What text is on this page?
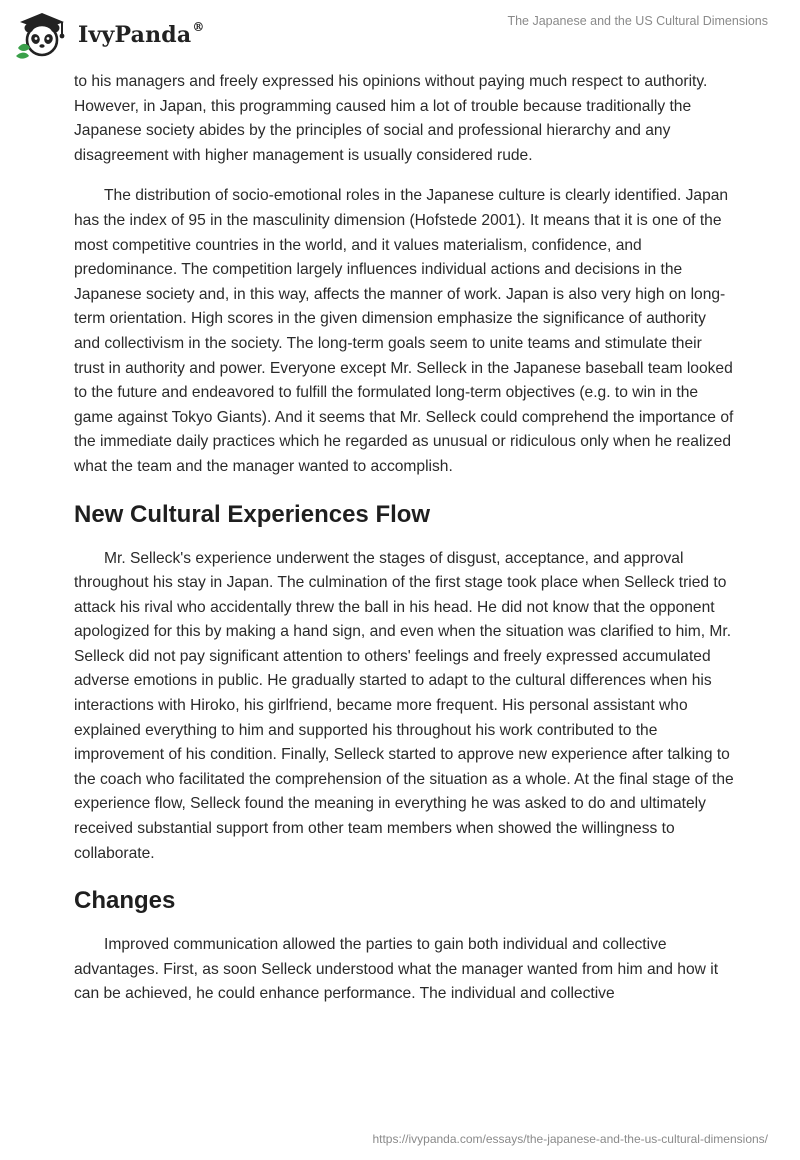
IvyPanda®	The Japanese and the US Cultural Dimensions

to his managers and freely expressed his opinions without paying much respect to authority. However, in Japan, this programming caused him a lot of trouble because traditionally the Japanese society abides by the principles of social and professional hierarchy and any disagreement with higher management is usually considered rude.

The distribution of socio-emotional roles in the Japanese culture is clearly identified. Japan has the index of 95 in the masculinity dimension (Hofstede 2001). It means that it is one of the most competitive countries in the world, and it values materialism, confidence, and predominance. The competition largely influences individual actions and decisions in the Japanese society and, in this way, affects the manner of work. Japan is also very high on long-term orientation. High scores in the given dimension emphasize the significance of authority and collectivism in the society. The long-term goals seem to unite teams and stimulate their trust in authority and power. Everyone except Mr. Selleck in the Japanese baseball team looked to the future and endeavored to fulfill the formulated long-term objectives (e.g. to win in the game against Tokyo Giants). And it seems that Mr. Selleck could comprehend the importance of the immediate daily practices which he regarded as unusual or ridiculous only when he realized what the team and the manager wanted to accomplish.

New Cultural Experiences Flow

Mr. Selleck's experience underwent the stages of disgust, acceptance, and approval throughout his stay in Japan. The culmination of the first stage took place when Selleck tried to attack his rival who accidentally threw the ball in his head. He did not know that the opponent apologized for this by making a hand sign, and even when the situation was clarified to him, Mr. Selleck did not pay significant attention to others' feelings and freely expressed accumulated adverse emotions in public. He gradually started to adapt to the cultural differences when his interactions with Hiroko, his girlfriend, became more frequent. His personal assistant who explained everything to him and supported his throughout his work contributed to the improvement of his condition. Finally, Selleck started to approve new experience after talking to the coach who facilitated the comprehension of the situation as a whole. At the final stage of the experience flow, Selleck found the meaning in everything he was asked to do and ultimately received substantial support from other team members when showed the willingness to collaborate.

Changes

Improved communication allowed the parties to gain both individual and collective advantages. First, as soon Selleck understood what the manager wanted from him and how it can be achieved, he could enhance performance. The individual and collective

https://ivypanda.com/essays/the-japanese-and-the-us-cultural-dimensions/
